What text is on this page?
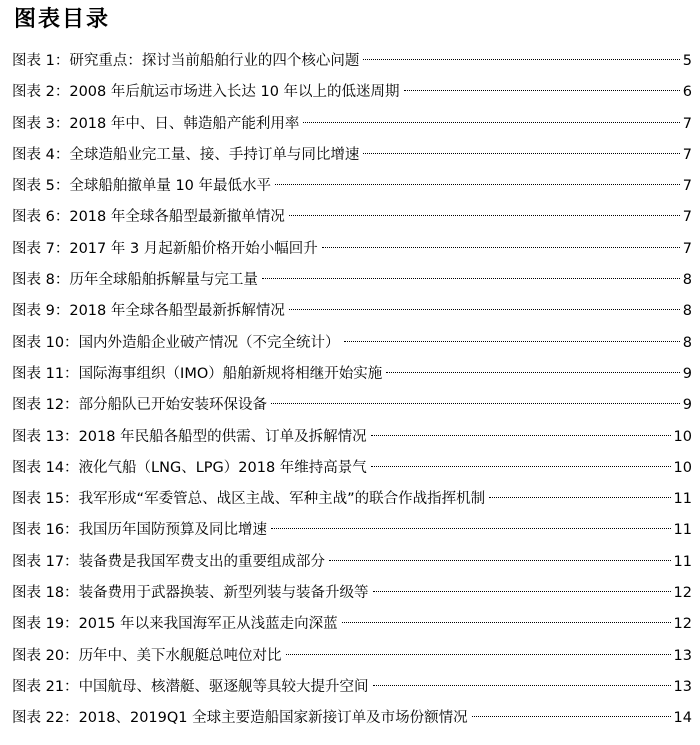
图表目录
图表 1： 研究重点：探讨当前船舶行业的四个核心问题	5
图表 2： 2008 年后航运市场进入长达 10 年以上的低迷周期	6
图表 3： 2018 年中、日、韩造船产能利用率	7
图表 4： 全球造船业完工量、接、手持订单与同比增速	7
图表 5： 全球船舶撤单量 10 年最低水平	7
图表 6： 2018 年全球各船型最新撤单情况	7
图表 7： 2017 年 3 月起新船价格开始小幅回升	7
图表 8： 历年全球船舶拆解量与完工量	8
图表 9： 2018 年全球各船型最新拆解情况	8
图表 10： 国内外造船企业破产情况（不完全统计）	8
图表 11： 国际海事组织（IMO）船舶新规将相继开始实施	9
图表 12： 部分船队已开始安装环保设备	9
图表 13： 2018 年民船各船型的供需、订单及拆解情况	10
图表 14： 液化气船（LNG、LPG）2018 年维持高景气	10
图表 15： 我军形成“军委管总、战区主战、军种主战”的联合作战指挥机制	11
图表 16： 我国历年国防预算及同比增速	11
图表 17： 装备费是我国军费支出的重要组成部分	11
图表 18： 装备费用于武器换装、新型列装与装备升级等	12
图表 19： 2015 年以来我国海军正从浅蓝走向深蓝	12
图表 20： 历年中、美下水舰艇总吨位对比	13
图表 21： 中国航母、核潜艇、驱逐舰等具较大提升空间	13
图表 22： 2018、2019Q1 全球主要造船国家新接订单及市场份额情况	14
